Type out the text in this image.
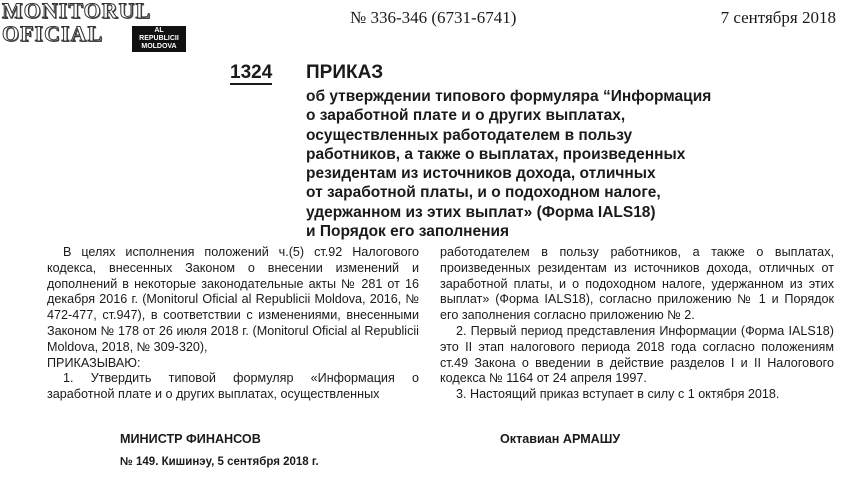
MONITORUL
OFICIAL	AL REPUBLICII
MOLDOVA
№ 336-346 (6731-6741)	7 сентября 2018
1324 ПРИКАЗ
об утверждении типового формуляра “Информация
о заработной плате и о других выплатах,
осуществленных работодателем в пользу
работников, а также о выплатах, произведенных
резидентам из источников дохода, отличных
от заработной платы, и о подоходном налоге,
удержанном из этих выплат» (Форма IALS18)
и Порядок его заполнения

В целях исполнения положений ч.(5) ст.92 Налогового кодекса, внесенных Законом о внесении изменений и дополнений в некоторые законодательные акты № 281 от 16 декабря 2016 г. (Monitorul Oficial al Republicii Moldova, 2016, № 472-477, ст.947), в соответствии с изменениями, внесенными Законом № 178 от 26 июля 2018 г. (Monitorul Oficial al Republicii Moldova, 2018, № 309-320),

ПРИКАЗЫВАЮ:

1. Утвердить типовой формуляр «Информация о заработной плате и о других выплатах, осуществленных

работодателем в пользу работников, а также о выплатах, произведенных резидентам из источников дохода, отличных от заработной платы, и о подоходном налоге, удержанном из этих выплат» (Форма IALS18), согласно приложению № 1 и Порядок его заполнения согласно приложению № 2.

2. Первый период представления Информации (Форма IALS18) это II этап налогового периода 2018 года согласно положениям ст.49 Закона о введении в действие разделов I и II Налогового кодекса № 1164 от 24 апреля 1997.

3. Настоящий приказ вступает в силу с 1 октября 2018.

МИНИСТР ФИНАНСОВ	Октавиан АРМАШУ
№ 149. Кишинэу, 5 сентября 2018 г.
